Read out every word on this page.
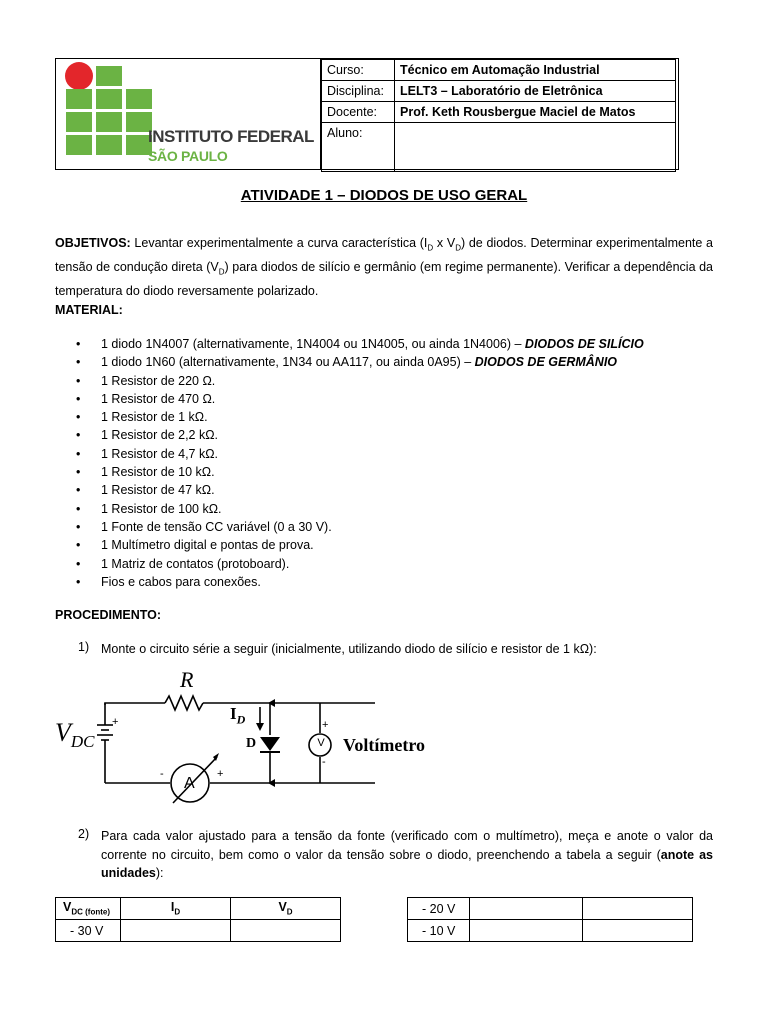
INSTITUTO FEDERAL
SÃO PAULO
Curso:	Técnico em Automação Industrial
Disciplina:	LELT3 – Laboratório de Eletrônica
Docente:	Prof. Keth Rousbergue Maciel de Matos
Aluno:	
ATIVIDADE 1 – DIODOS DE USO GERAL
OBJETIVOS: Levantar experimentalmente a curva característica ($I_D$ x $V_D$) de diodos. Determinar experimentalmente a tensão de condução direta $(V_D)$ para diodos de silício e germânio (em regime permanente). Verificar a dependência da temperatura do diodo reversamente polarizado.
MATERIAL:
• 1 diodo 1N4007 (alternativamente, 1N4004 ou 1N4005, ou ainda 1N4006) – DIODOS DE SILÍCIO
• 1 diodo 1N60 (alternativamente, 1N34 ou AA117, ou ainda 0A95) – DIODOS DE GERMÂNIO
• 1 Resistor de 220 Ω.
• 1 Resistor de 470 Ω.
• 1 Resistor de 1 kΩ.
• 1 Resistor de 2,2 kΩ.
• 1 Resistor de 4,7 kΩ.
• 1 Resistor de 10 kΩ.
• 1 Resistor de 47 kΩ.
• 1 Resistor de 100 kΩ.
• 1 Fonte de tensão CC variável (0 a 30 V).
• 1 Multímetro digital e pontas de prova.
• 1 Matriz de contatos (protoboard).
• Fios e cabos para conexões.
PROCEDIMENTO:
1) Monte o circuito série a seguir (inicialmente, utilizando diodo de silício e resistor de 1 kΩ):
R
$V_{DC}$
+	$I_D$
D	V
+
-
Voltímetro
A
-	+
2) Para cada valor ajustado para a tensão da fonte (verificado com o multímetro), meça e anote o valor da corrente no circuito, bem como o valor da tensão sobre o diodo, preenchendo a tabela a seguir (anote as unidades):
$V_{DC (fonte)}$	$I_D$	$V_D$
- 30 V		
- 20 V		
- 10 V		
